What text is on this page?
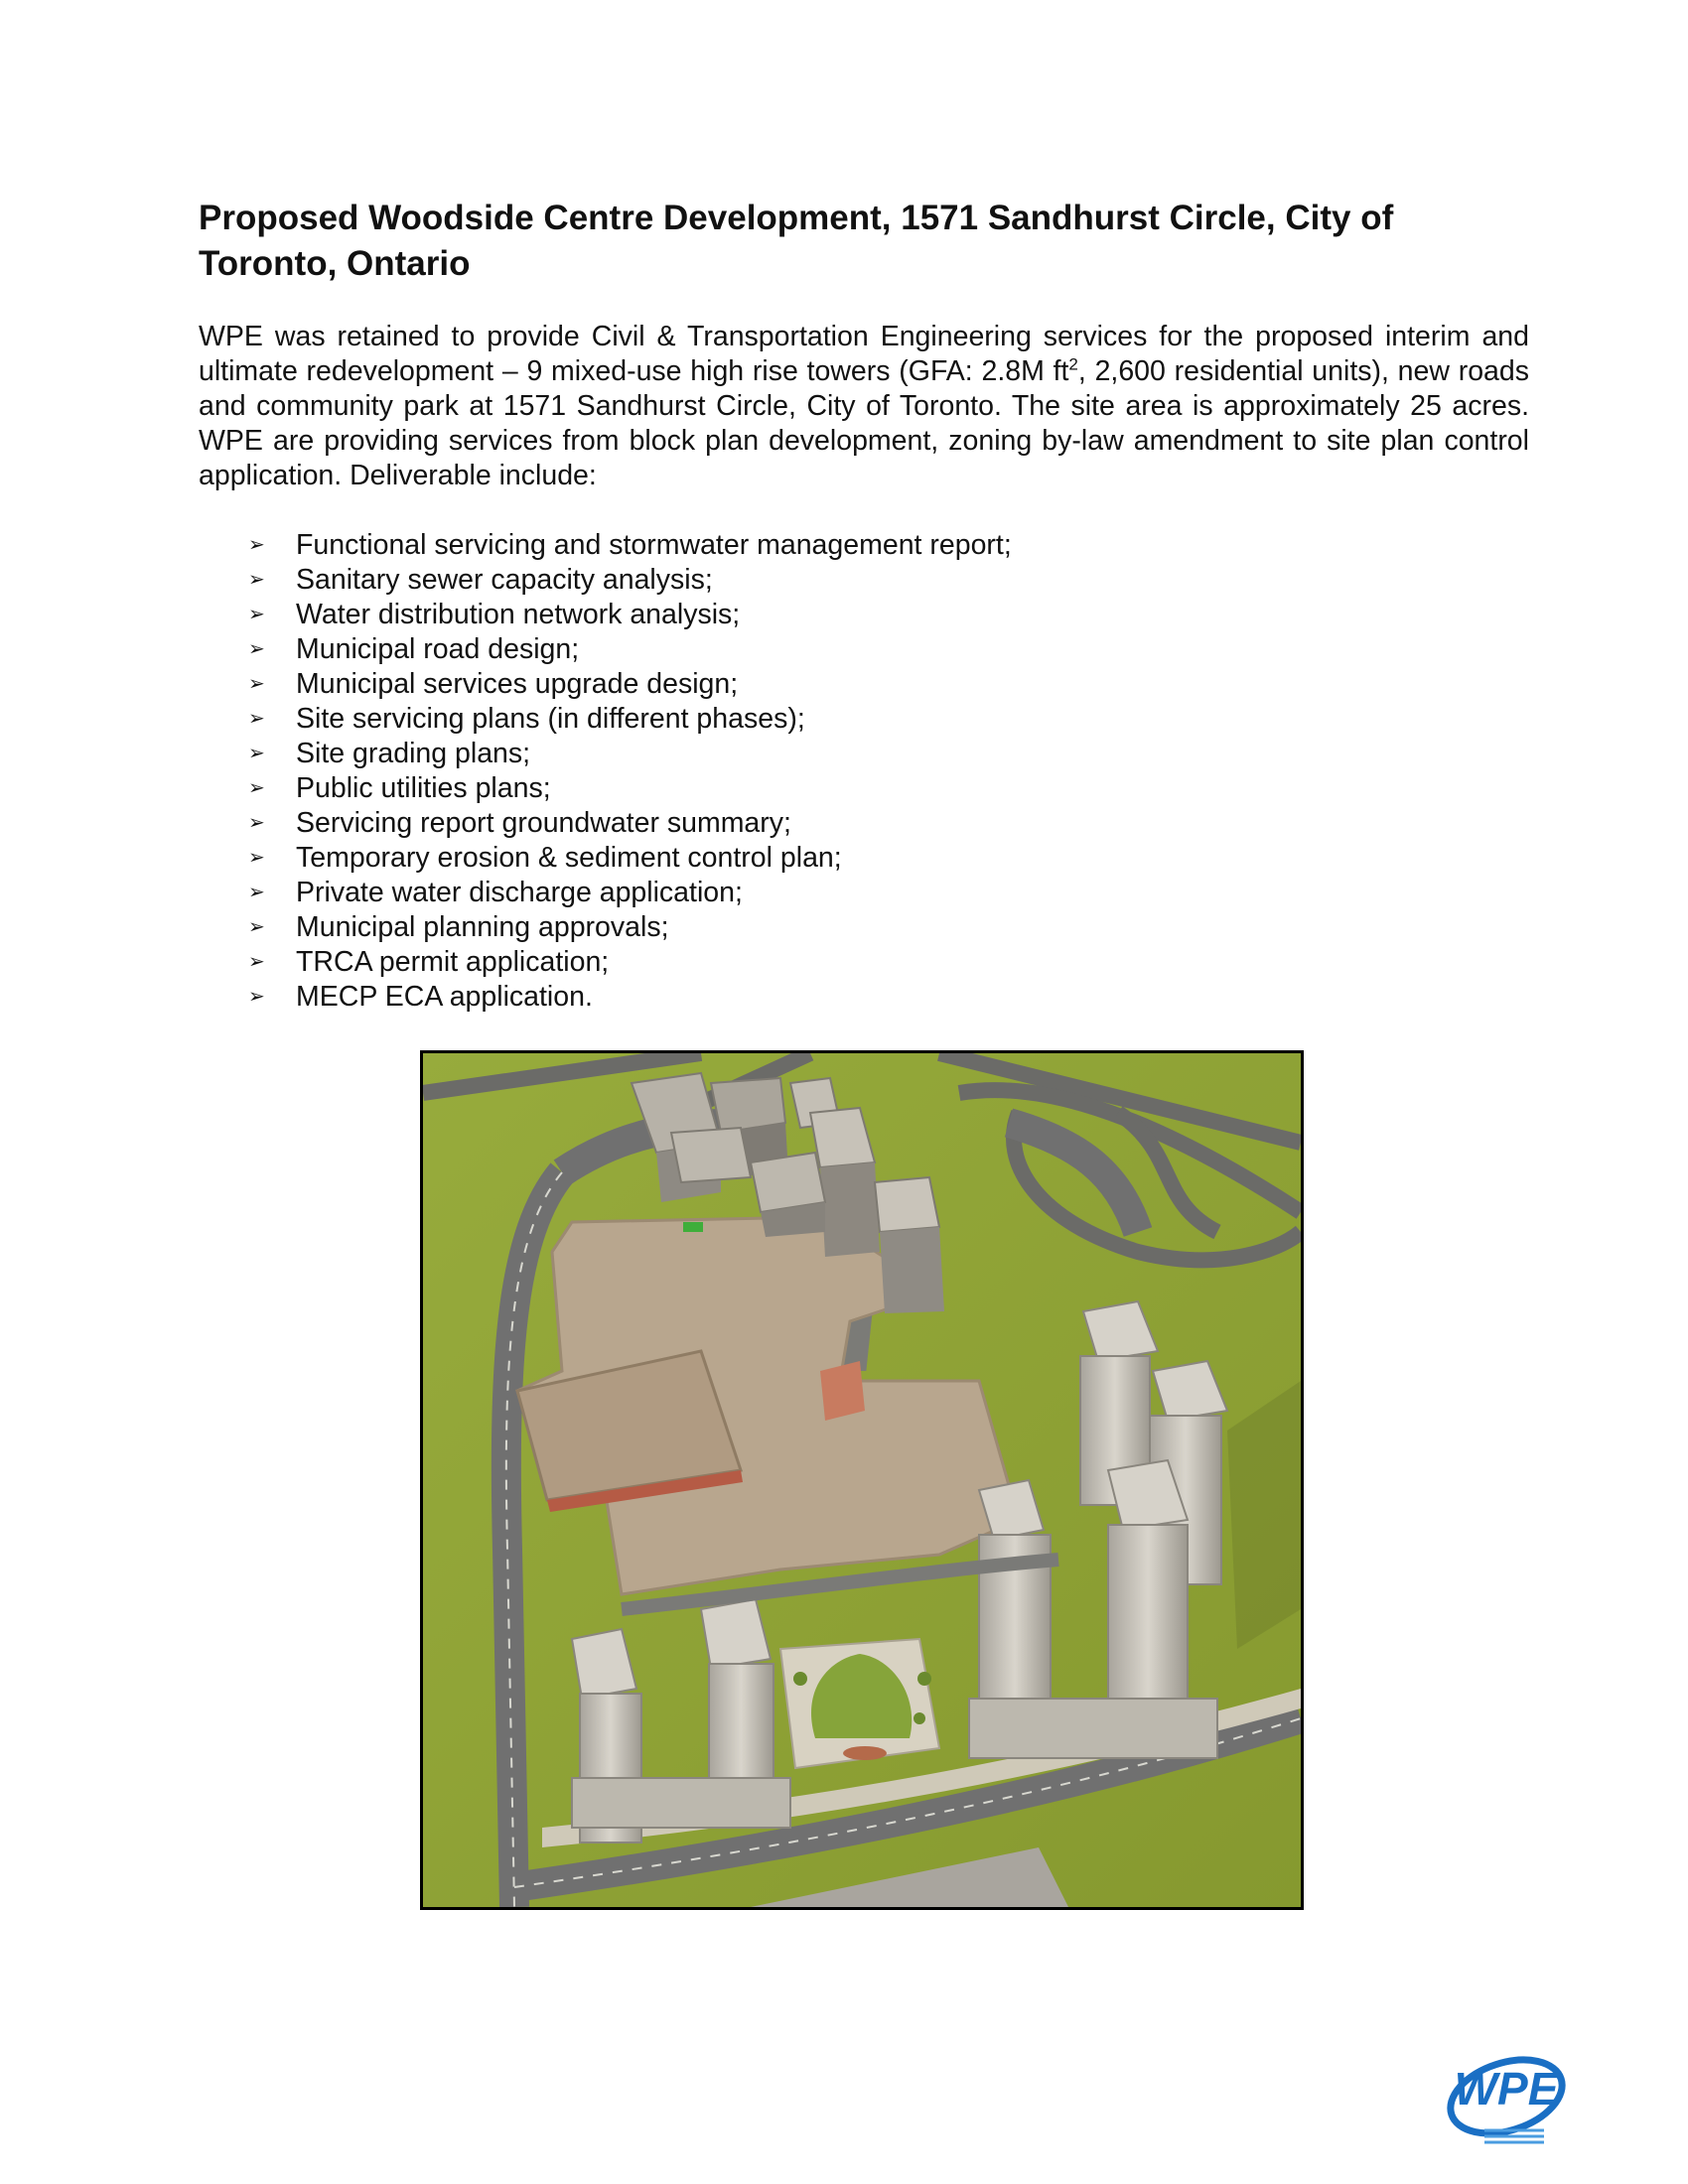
Proposed Woodside Centre Development, 1571 Sandhurst Circle, City of Toronto, Ontario

WPE was retained to provide Civil & Transportation Engineering services for the proposed interim and ultimate redevelopment – 9 mixed-use high rise towers (GFA: 2.8M $ft^2$, 2,600 residential units), new roads and community park at 1571 Sandhurst Circle, City of Toronto. The site area is approximately 25 acres. WPE are providing services from block plan development, zoning by-law amendment to site plan control application. Deliverable include:

➢	Functional servicing and stormwater management report;
➢	Sanitary sewer capacity analysis;
➢	Water distribution network analysis;
➢	Municipal road design;
➢	Municipal services upgrade design;
➢	Site servicing plans (in different phases);
➢	Site grading plans;
➢	Public utilities plans;
➢	Servicing report groundwater summary;
➢	Temporary erosion & sediment control plan;
➢	Private water discharge application;
➢	Municipal planning approvals;
➢	TRCA permit application;
➢	MECP ECA application.
WPE
